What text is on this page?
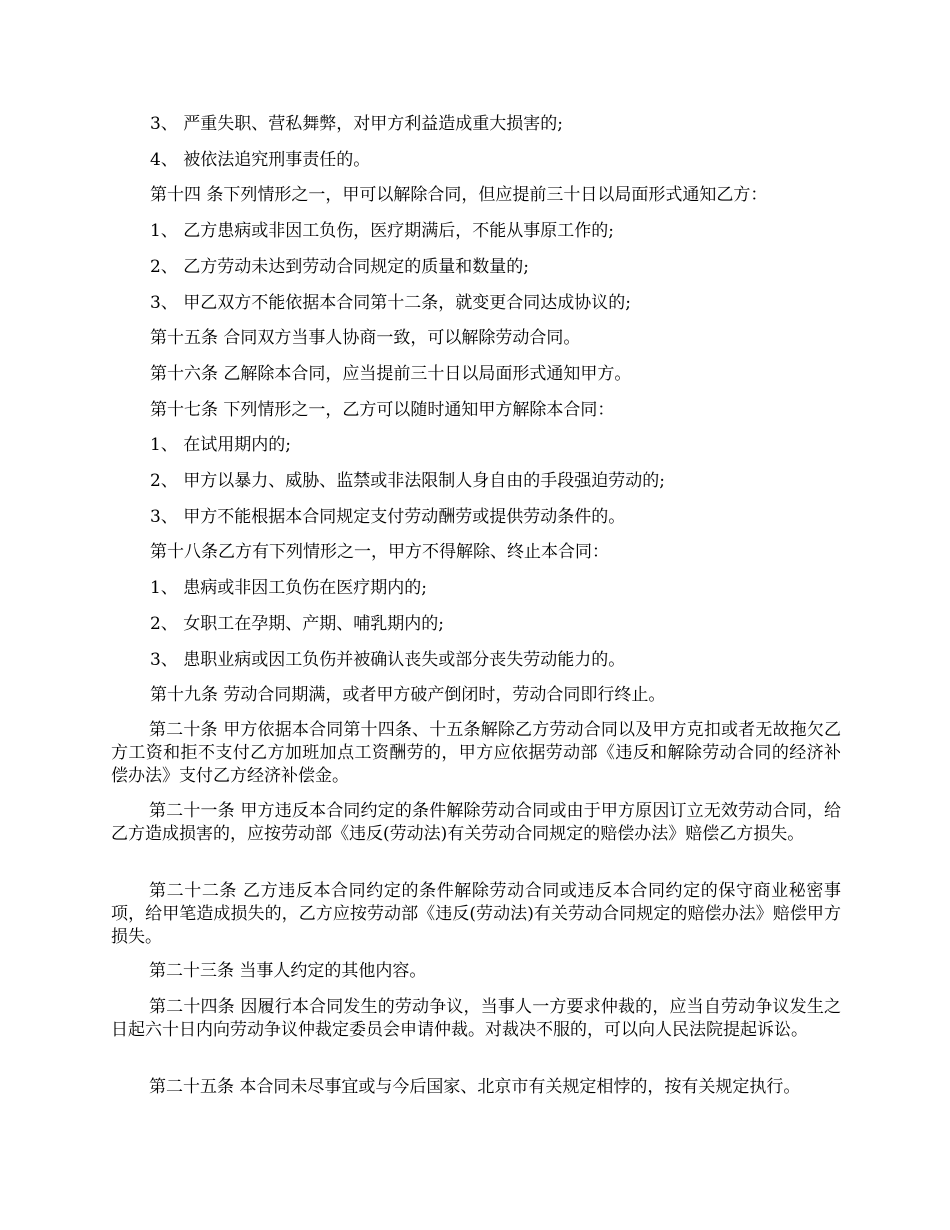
3、 严重失职、营私舞弊，对甲方利益造成重大损害的;
4、 被依法追究刑事责任的。
第十四 条下列情形之一，甲可以解除合同，但应提前三十日以局面形式通知乙方：
1、 乙方患病或非因工负伤，医疗期满后，不能从事原工作的;
2、 乙方劳动未达到劳动合同规定的质量和数量的;
3、 甲乙双方不能依据本合同第十二条，就变更合同达成协议的;
第十五条 合同双方当事人协商一致，可以解除劳动合同。
第十六条 乙解除本合同，应当提前三十日以局面形式通知甲方。
第十七条 下列情形之一，乙方可以随时通知甲方解除本合同：
1、 在试用期内的;
2、 甲方以暴力、威胁、监禁或非法限制人身自由的手段强迫劳动的;
3、 甲方不能根据本合同规定支付劳动酬劳或提供劳动条件的。
第十八条乙方有下列情形之一，甲方不得解除、终止本合同：
1、 患病或非因工负伤在医疗期内的;
2、 女职工在孕期、产期、哺乳期内的;
3、 患职业病或因工负伤并被确认丧失或部分丧失劳动能力的。
第十九条 劳动合同期满，或者甲方破产倒闭时，劳动合同即行终止。
第二十条 甲方依据本合同第十四条、十五条解除乙方劳动合同以及甲方克扣或者无故拖欠乙方工资和拒不支付乙方加班加点工资酬劳的，甲方应依据劳动部《违反和解除劳动合同的经济补偿办法》支付乙方经济补偿金。
第二十一条 甲方违反本合同约定的条件解除劳动合同或由于甲方原因订立无效劳动合同，给乙方造成损害的，应按劳动部《违反(劳动法)有关劳动合同规定的赔偿办法》赔偿乙方损失。
第二十二条 乙方违反本合同约定的条件解除劳动合同或违反本合同约定的保守商业秘密事项，给甲笔造成损失的，乙方应按劳动部《违反(劳动法)有关劳动合同规定的赔偿办法》赔偿甲方损失。
第二十三条 当事人约定的其他内容。
第二十四条 因履行本合同发生的劳动争议，当事人一方要求仲裁的，应当自劳动争议发生之日起六十日内向劳动争议仲裁定委员会申请仲裁。对裁决不服的，可以向人民法院提起诉讼。
第二十五条 本合同未尽事宜或与今后国家、北京市有关规定相悖的，按有关规定执行。
